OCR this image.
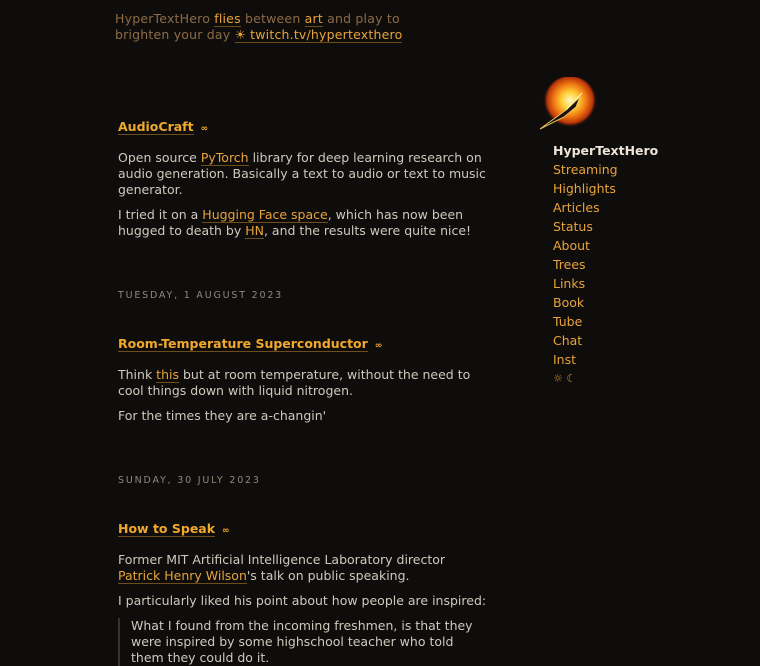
HyperTextHero flies between art and play to brighten your day ☀ twitch.tv/hypertexthero
AudioCraft ∞

Open source PyTorch library for deep learning research on audio generation. Basically a text to audio or text to music generator.

I tried it on a Hugging Face space, which has now been hugged to death by HN, and the results were quite nice!

TUESDAY, 1 AUGUST 2023
Room-Temperature Superconductor ∞

Think this but at room temperature, without the need to cool things down with liquid nitrogen.

For the times they are a-changin'

SUNDAY, 30 JULY 2023
How to Speak ∞

Former MIT Artificial Intelligence Laboratory director Patrick Henry Wilson's talk on public speaking.

I particularly liked his point about how people are inspired:

What I found from the incoming freshmen, is that they were inspired by some highschool teacher who told them they could do it.
HyperTextHero
Streaming
Highlights
Articles
Status
About
Trees
Links
Book
Tube
Chat
Inst
☼ ☾
